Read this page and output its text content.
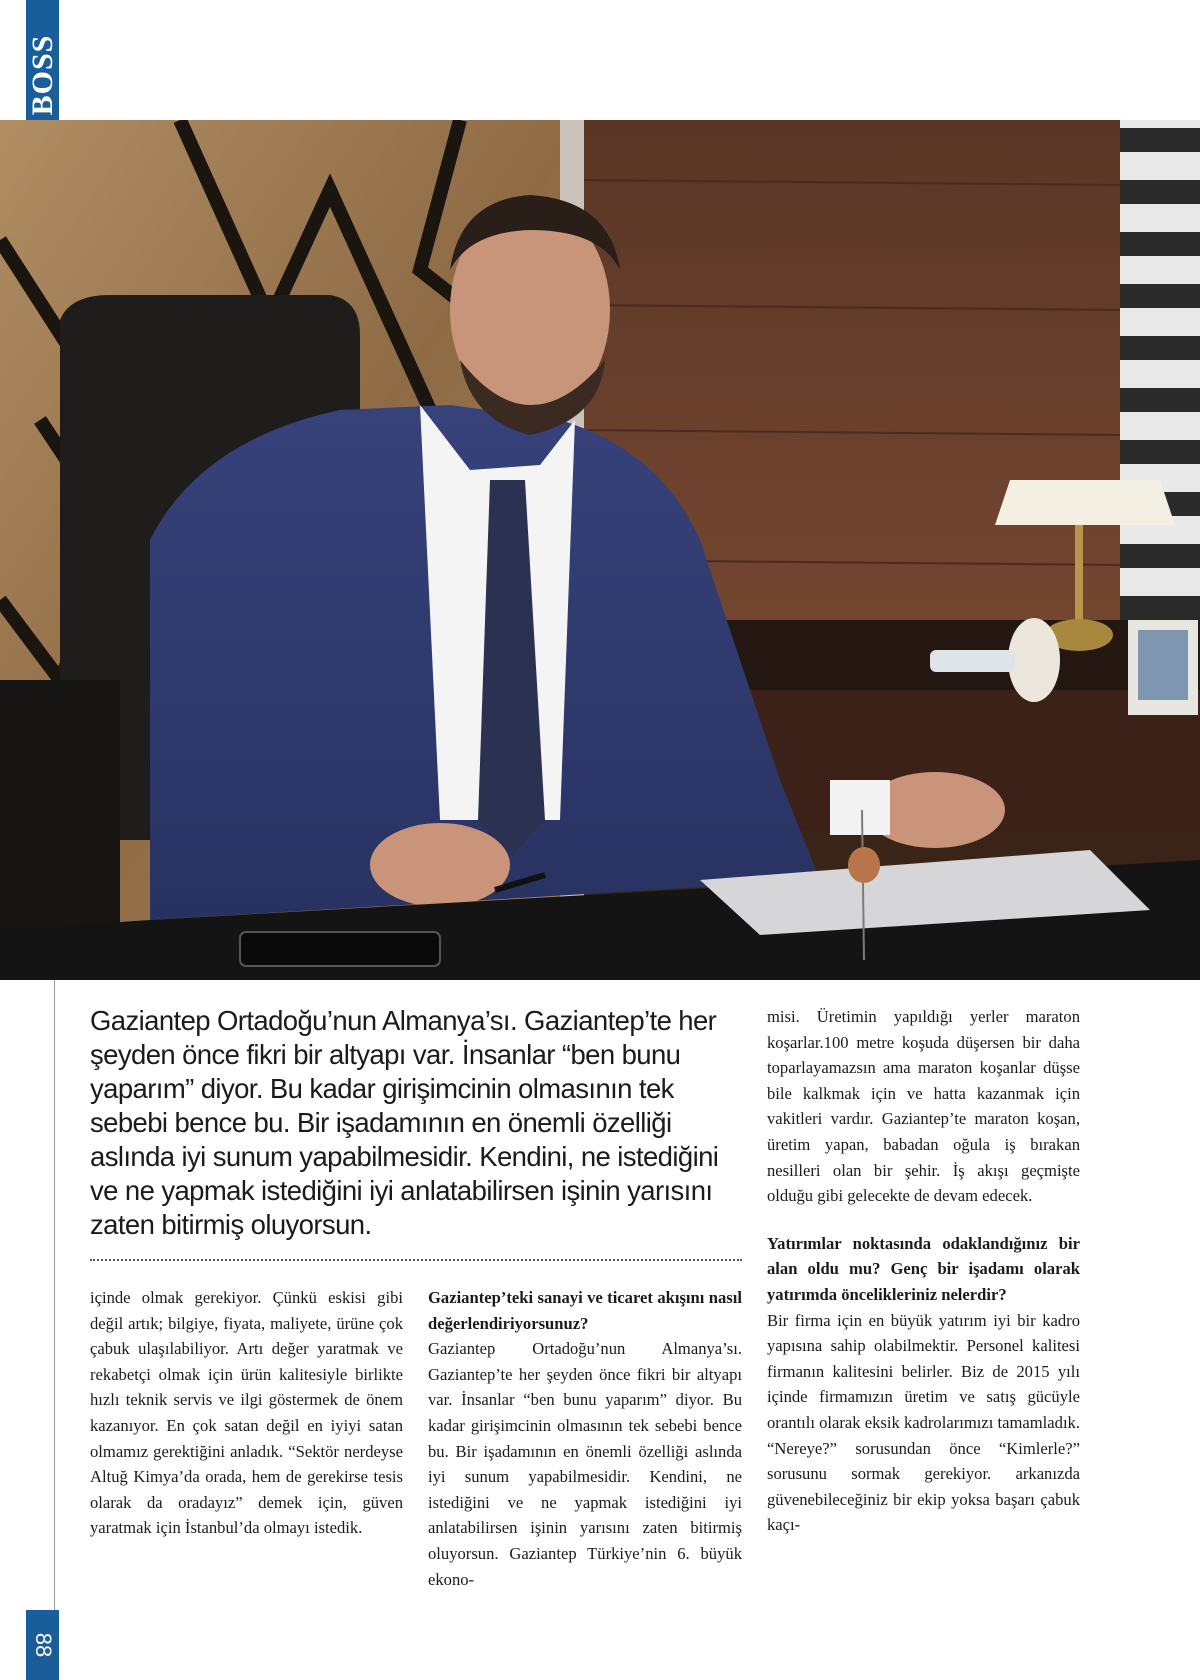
BOSS
88
Gaziantep Ortadoğu’nun Almanya’sı. Gaziantep’te her şeyden önce fikri bir altyapı var. İnsanlar “ben bunu yaparım” diyor. Bu kadar girişimcinin olmasının tek sebebi bence bu. Bir işadamının en önemli özelliği aslında iyi sunum yapabilmesidir. Kendini, ne istediğini ve ne yapmak istediğini iyi anlatabilirsen işinin yarısını zaten bitirmiş oluyorsun.

içinde olmak gerekiyor. Çünkü eskisi gibi değil artık; bilgiye, fiyata, maliyete, ürüne çok çabuk ulaşılabiliyor. Artı değer yaratmak ve rekabetçi olmak için ürün kalitesiyle birlikte hızlı teknik servis ve ilgi göstermek de önem kazanıyor. En çok satan değil en iyiyi satan olmamız gerektiğini anladık. “Sektör nerdeyse Altuğ Kimya’da orada, hem de gerekirse tesis olarak da oradayız” demek için, güven yaratmak için İstanbul’da olmayı istedik.

Gaziantep’teki sanayi ve ticaret akışını nasıl değerlendiriyorsunuz?

Gaziantep Ortadoğu’nun Almanya’sı. Gaziantep’te her şeyden önce fikri bir altyapı var. İnsanlar “ben bunu yaparım” diyor. Bu kadar girişimcinin olmasının tek sebebi bence bu. Bir işadamının en önemli özelliği aslında iyi sunum yapabilmesidir. Kendini, ne istediğini ve ne yapmak istediğini iyi anlatabilirsen işinin yarısını zaten bitirmiş oluyorsun. Gaziantep Türkiye’nin 6. büyük ekono-

misi. Üretimin yapıldığı yerler maraton koşarlar.100 metre koşuda düşersen bir daha toparlayamazsın ama maraton koşanlar düşse bile kalkmak için ve hatta kazanmak için vakitleri vardır. Gaziantep’te maraton koşan, üretim yapan, babadan oğula iş bırakan nesilleri olan bir şehir. İş akışı geçmişte olduğu gibi gelecekte de devam edecek.

Yatırımlar noktasında odaklandığınız bir alan oldu mu? Genç bir işadamı olarak yatırımda öncelikleriniz nelerdir?

Bir firma için en büyük yatırım iyi bir kadro yapısına sahip olabilmektir. Personel kalitesi firmanın kalitesini belirler. Biz de 2015 yılı içinde firmamızın üretim ve satış gücüyle orantılı olarak eksik kadrolarımızı tamamladık. “Nereye?” sorusundan önce “Kimlerle?” sorusunu sormak gerekiyor. arkanızda güvenebileceğiniz bir ekip yoksa başarı çabuk kaçı-
